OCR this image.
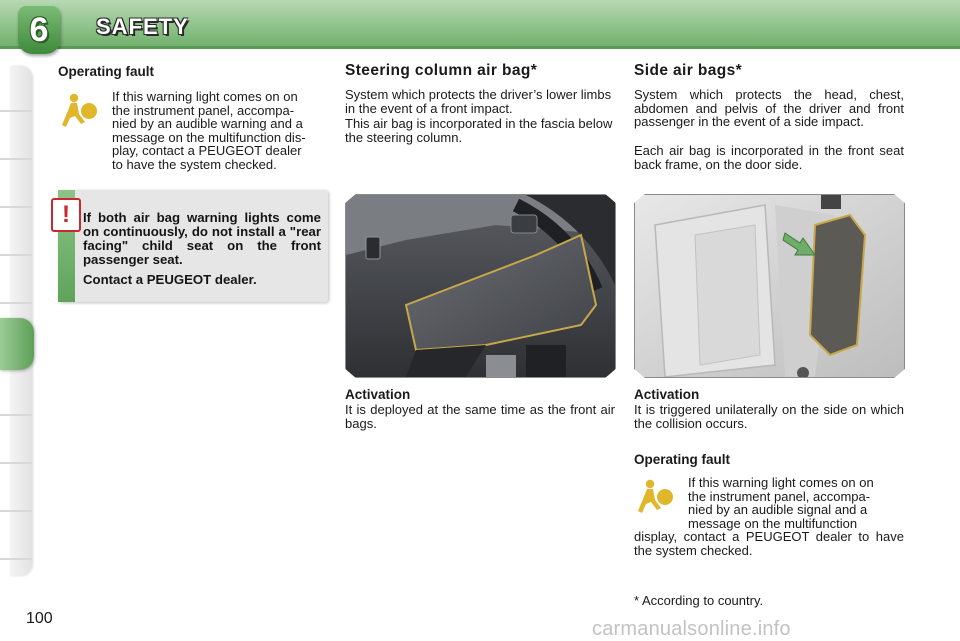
6 SAFETY
Operating fault
If this warning light comes on on
the instrument panel, accompa-
nied by an audible warning and a
message on the multifunction dis-
play, contact a PEUGEOT dealer
to have the system checked.
! If both air bag warning lights come on continuously, do not install a "rear facing" child seat on the front passenger seat.

Contact a PEUGEOT dealer.

Steering column air bag*

System which protects the driver’s lower limbs in the event of a front impact.

This air bag is incorporated in the fascia below the steering column.

Activation

It is deployed at the same time as the front air bags.

Side air bags*

System which protects the head, chest, abdomen and pelvis of the driver and front passenger in the event of a side impact.

Each air bag is incorporated in the front seat back frame, on the door side.

Activation

It is triggered unilaterally on the side on which the collision occurs.

Operating fault
If this warning light comes on on
the instrument panel, accompa-
nied by an audible signal and a
message on the multifunction

display, contact a PEUGEOT dealer to have the system checked.

* According to country.
100	carmanualsonline.info
